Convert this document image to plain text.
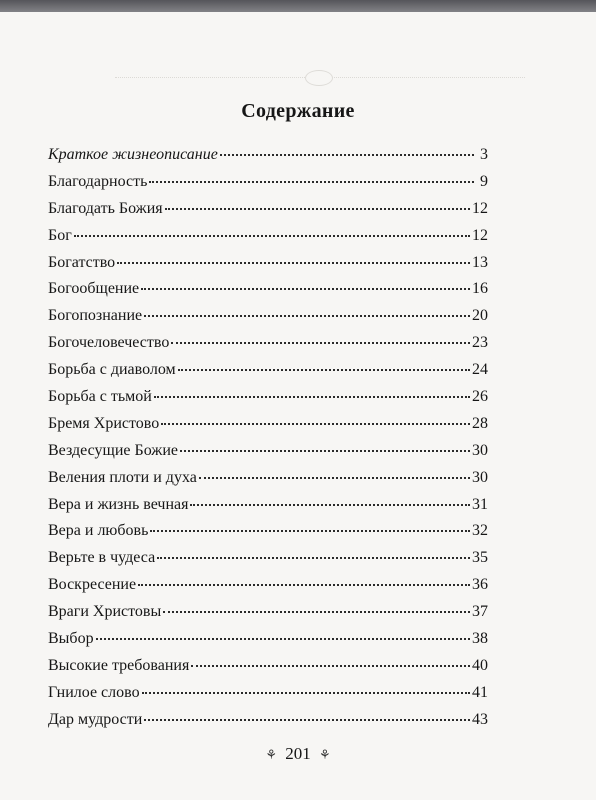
Содержание
Краткое жизнеописание	3
Благодарность	9
Благодать Божия	12
Бог	12
Богатство	13
Богообщение	16
Богопознание	20
Богочеловечество	23
Борьба с диаволом	24
Борьба с тьмой	26
Бремя Христово	28
Вездесущие Божие	30
Веления плоти и духа	30
Вера и жизнь вечная	31
Вера и любовь	32
Верьте в чудеса	35
Воскресение	36
Враги Христовы	37
Выбор	38
Высокие требования	40
Гнилое слово	41
Дар мудрости	43
⚘ 201 ⚘
